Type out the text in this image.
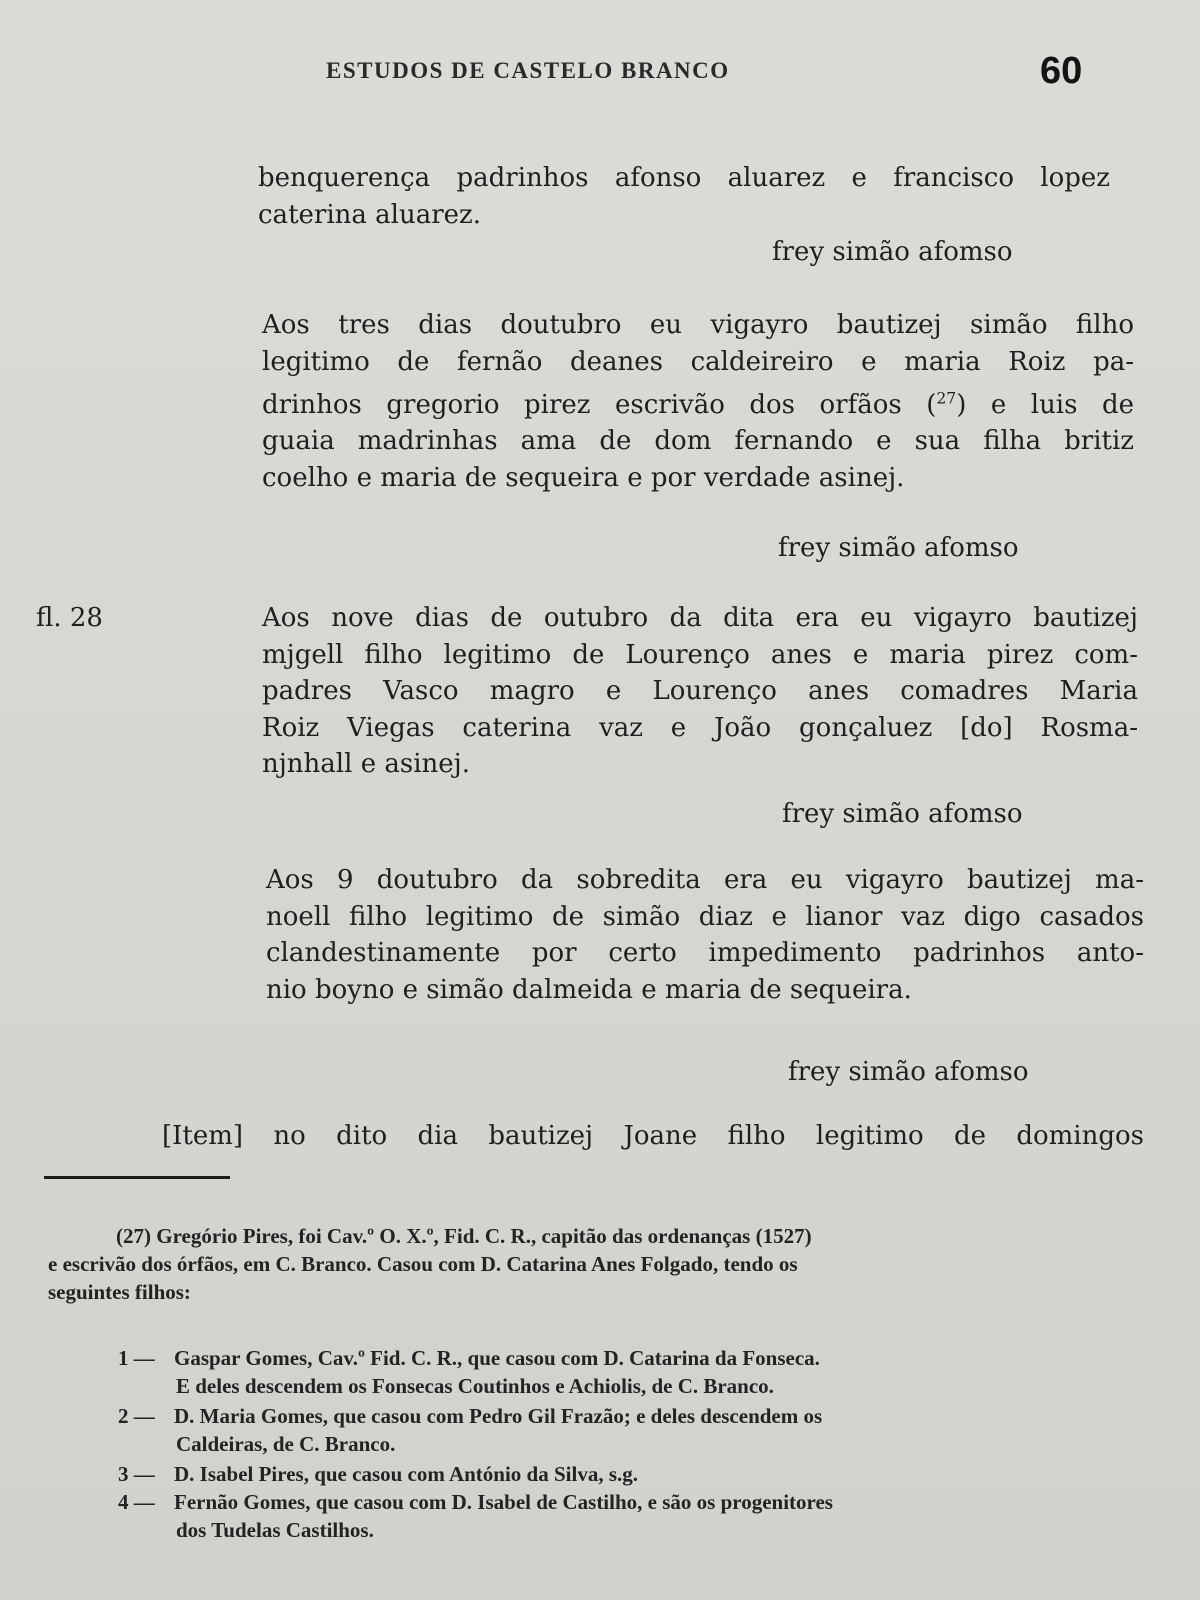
ESTUDOS DE CASTELO BRANCO	60
benquerença padrinhos afonso aluarez e francisco lopez
caterina aluarez.
frey simão afomso
Aos tres dias doutubro eu vigayro bautizej simão filho
legitimo de fernão deanes caldeireiro e maria Roiz pa-
drinhos gregorio pirez escrivão dos orfãos ($^{27}$) e luis de
guaia madrinhas ama de dom fernando e sua filha britiz
coelho e maria de sequeira e por verdade asinej.
frey simão afomso
fl. 28	Aos nove dias de outubro da dita era eu vigayro bautizej
mjgell filho legitimo de Lourenço anes e maria pirez com-
padres Vasco magro e Lourenço anes comadres Maria
Roiz Viegas caterina vaz e João gonçaluez [do] Rosma-
njnhall e asinej.
frey simão afomso
Aos 9 doutubro da sobredita era eu vigayro bautizej ma-
noell filho legitimo de simão diaz e lianor vaz digo casados
clandestinamente por certo impedimento padrinhos anto-
nio boyno e simão dalmeida e maria de sequeira.
frey simão afomso
[Item] no dito dia bautizej Joane filho legitimo de domingos
(27) Gregório Pires, foi Cav.º O. X.º, Fid. C. R., capitão das ordenanças (1527)
e escrivão dos órfãos, em C. Branco. Casou com D. Catarina Anes Folgado, tendo os
seguintes filhos:
1 — Gaspar Gomes, Cav.º Fid. C. R., que casou com D. Catarina da Fonseca.
E deles descendem os Fonsecas Coutinhos e Achiolis, de C. Branco.
2 — D. Maria Gomes, que casou com Pedro Gil Frazão; e deles descendem os
Caldeiras, de C. Branco.
3 — D. Isabel Pires, que casou com António da Silva, s.g.
4 — Fernão Gomes, que casou com D. Isabel de Castilho, e são os progenitores
dos Tudelas Castilhos.
